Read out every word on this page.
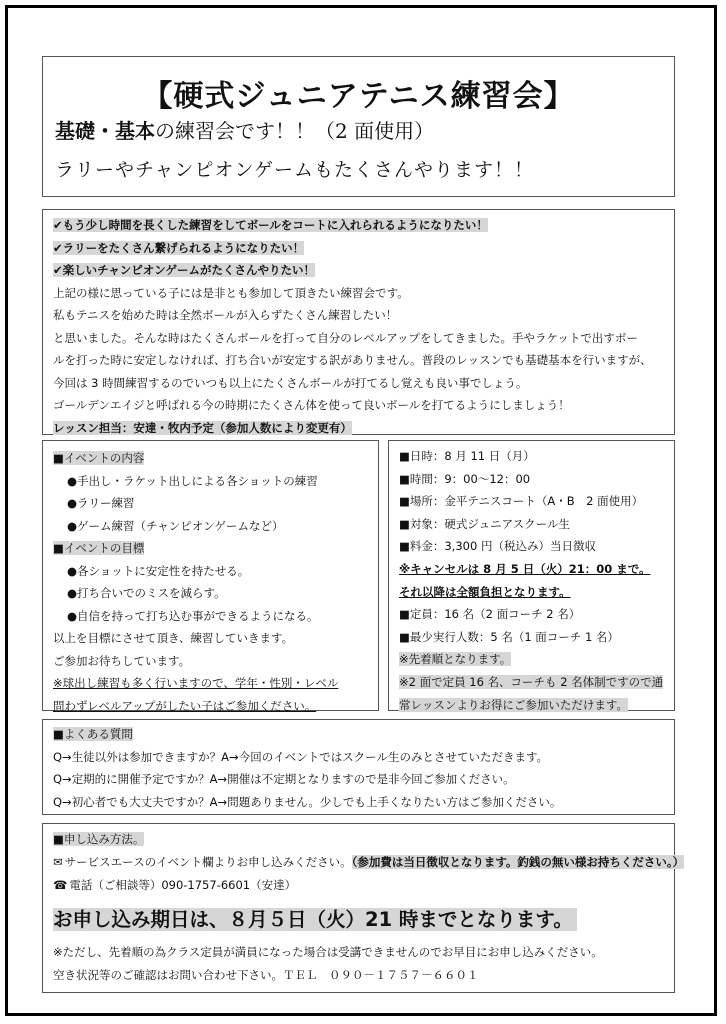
【硬式ジュニアテニス練習会】
基礎・基本の練習会です！！（2 面使用）
ラリーやチャンピオンゲームもたくさんやります！！
✔もう少し時間を長くした練習をしてボールをコートに入れられるようになりたい！
✔ラリーをたくさん繋げられるようになりたい！
✔楽しいチャンピオンゲームがたくさんやりたい！
上記の様に思っている子には是非とも参加して頂きたい練習会です。
私もテニスを始めた時は全然ボールが入らずたくさん練習したい！
と思いました。そんな時はたくさんボールを打って自分のレベルアップをしてきました。手やラケットで出すボー
ルを打った時に安定しなければ、打ち合いが安定する訳がありません。普段のレッスンでも基礎基本を行いますが、
今回は 3 時間練習するのでいつも以上にたくさんボールが打てるし覚えも良い事でしょう。
ゴールデンエイジと呼ばれる今の時期にたくさん体を使って良いボールを打てるようにしましょう！
レッスン担当：安達・牧内予定（参加人数により変更有）
■イベントの内容
●手出し・ラケット出しによる各ショットの練習
●ラリー練習
●ゲーム練習（チャンピオンゲームなど）
■イベントの目標
●各ショットに安定性を持たせる。
●打ち合いでのミスを減らす。
●自信を持って打ち込む事ができるようになる。
以上を目標にさせて頂き、練習していきます。
ご参加お待ちしています。
※球出し練習も多く行いますので、学年・性別・レベル
問わずレベルアップがしたい子はご参加ください。
■日時：8 月 11 日（月）
■時間：9：00〜12：00
■場所：金平テニスコート（A・B　2 面使用）
■対象：硬式ジュニアスクール生
■料金：3,300 円（税込み）当日徴収
※キャンセルは 8 月 5 日（火）21：00 まで。
それ以降は全額負担となります。
■定員：16 名（2 面コーチ 2 名）
■最少実行人数：5 名（1 面コーチ 1 名）
※先着順となります。
※2 面で定員 16 名、コーチも 2 名体制ですので通
常レッスンよりお得にご参加いただけます。
■よくある質問
Q→生徒以外は参加できますか？A→今回のイベントではスクール生のみとさせていただきます。
Q→定期的に開催予定ですか？A→開催は不定期となりますので是非今回ご参加ください。
Q→初心者でも大丈夫ですか？A→問題ありません。少しでも上手くなりたい方はご参加ください。
■申し込み方法。
✉ サービスエースのイベント欄よりお申し込みください。（参加費は当日徴収となります。釣銭の無い様お持ちください。）
☎ 電話（ご相談等）090-1757-6601（安達）
お申し込み期日は、８月５日（火）21 時までとなります。
※ただし、先着順の為クラス定員が満員になった場合は受講できませんのでお早目にお申し込みください。
空き状況等のご確認はお問い合わせ下さい。ＴＥＬ　０９０－１７５７－６６０１
